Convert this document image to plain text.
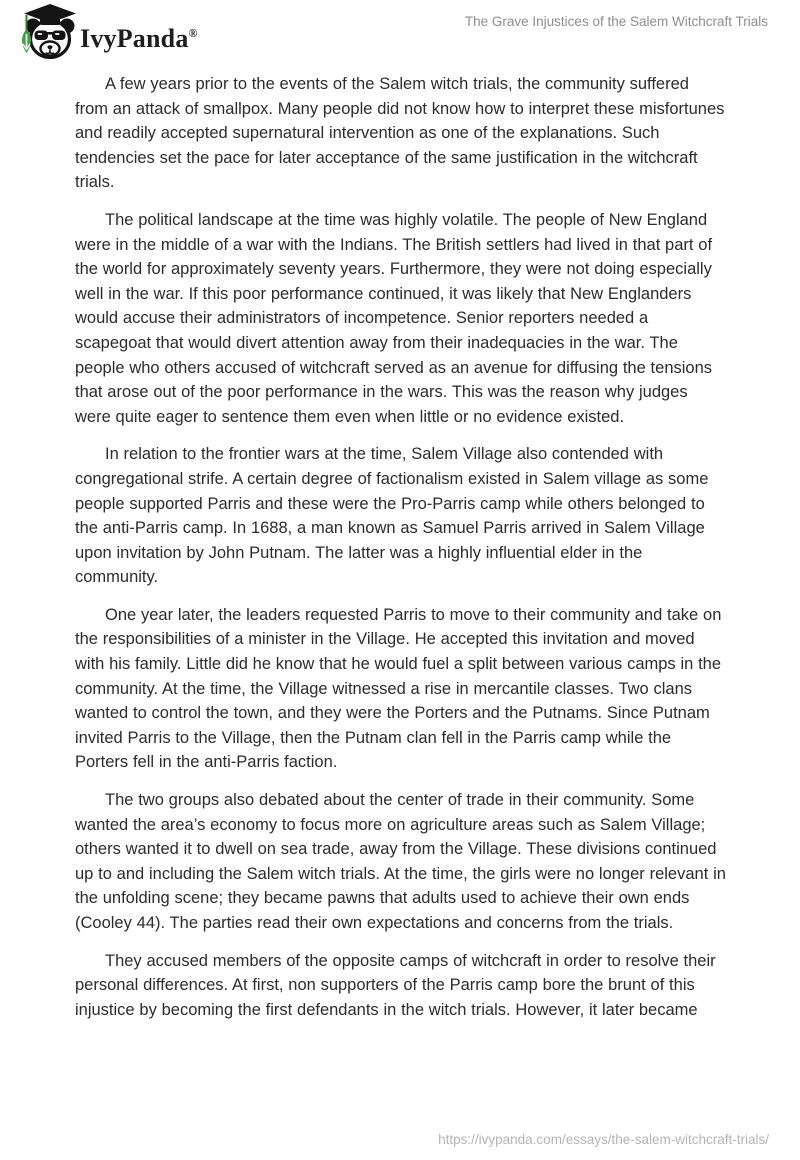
IvyPanda®
The Grave Injustices of the Salem Witchcraft Trials

A few years prior to the events of the Salem witch trials, the community suffered from an attack of smallpox. Many people did not know how to interpret these misfortunes and readily accepted supernatural intervention as one of the explanations. Such tendencies set the pace for later acceptance of the same justification in the witchcraft trials.

The political landscape at the time was highly volatile. The people of New England were in the middle of a war with the Indians. The British settlers had lived in that part of the world for approximately seventy years. Furthermore, they were not doing especially well in the war. If this poor performance continued, it was likely that New Englanders would accuse their administrators of incompetence. Senior reporters needed a scapegoat that would divert attention away from their inadequacies in the war. The people who others accused of witchcraft served as an avenue for diffusing the tensions that arose out of the poor performance in the wars. This was the reason why judges were quite eager to sentence them even when little or no evidence existed.

In relation to the frontier wars at the time, Salem Village also contended with congregational strife. A certain degree of factionalism existed in Salem village as some people supported Parris and these were the Pro-Parris camp while others belonged to the anti-Parris camp. In 1688, a man known as Samuel Parris arrived in Salem Village upon invitation by John Putnam. The latter was a highly influential elder in the community.

One year later, the leaders requested Parris to move to their community and take on the responsibilities of a minister in the Village. He accepted this invitation and moved with his family. Little did he know that he would fuel a split between various camps in the community. At the time, the Village witnessed a rise in mercantile classes. Two clans wanted to control the town, and they were the Porters and the Putnams. Since Putnam invited Parris to the Village, then the Putnam clan fell in the Parris camp while the Porters fell in the anti-Parris faction.

The two groups also debated about the center of trade in their community. Some wanted the area’s economy to focus more on agriculture areas such as Salem Village; others wanted it to dwell on sea trade, away from the Village. These divisions continued up to and including the Salem witch trials. At the time, the girls were no longer relevant in the unfolding scene; they became pawns that adults used to achieve their own ends (Cooley 44). The parties read their own expectations and concerns from the trials.

They accused members of the opposite camps of witchcraft in order to resolve their personal differences. At first, non supporters of the Parris camp bore the brunt of this injustice by becoming the first defendants in the witch trials. However, it later became

https://ivypanda.com/essays/the-salem-witchcraft-trials/
